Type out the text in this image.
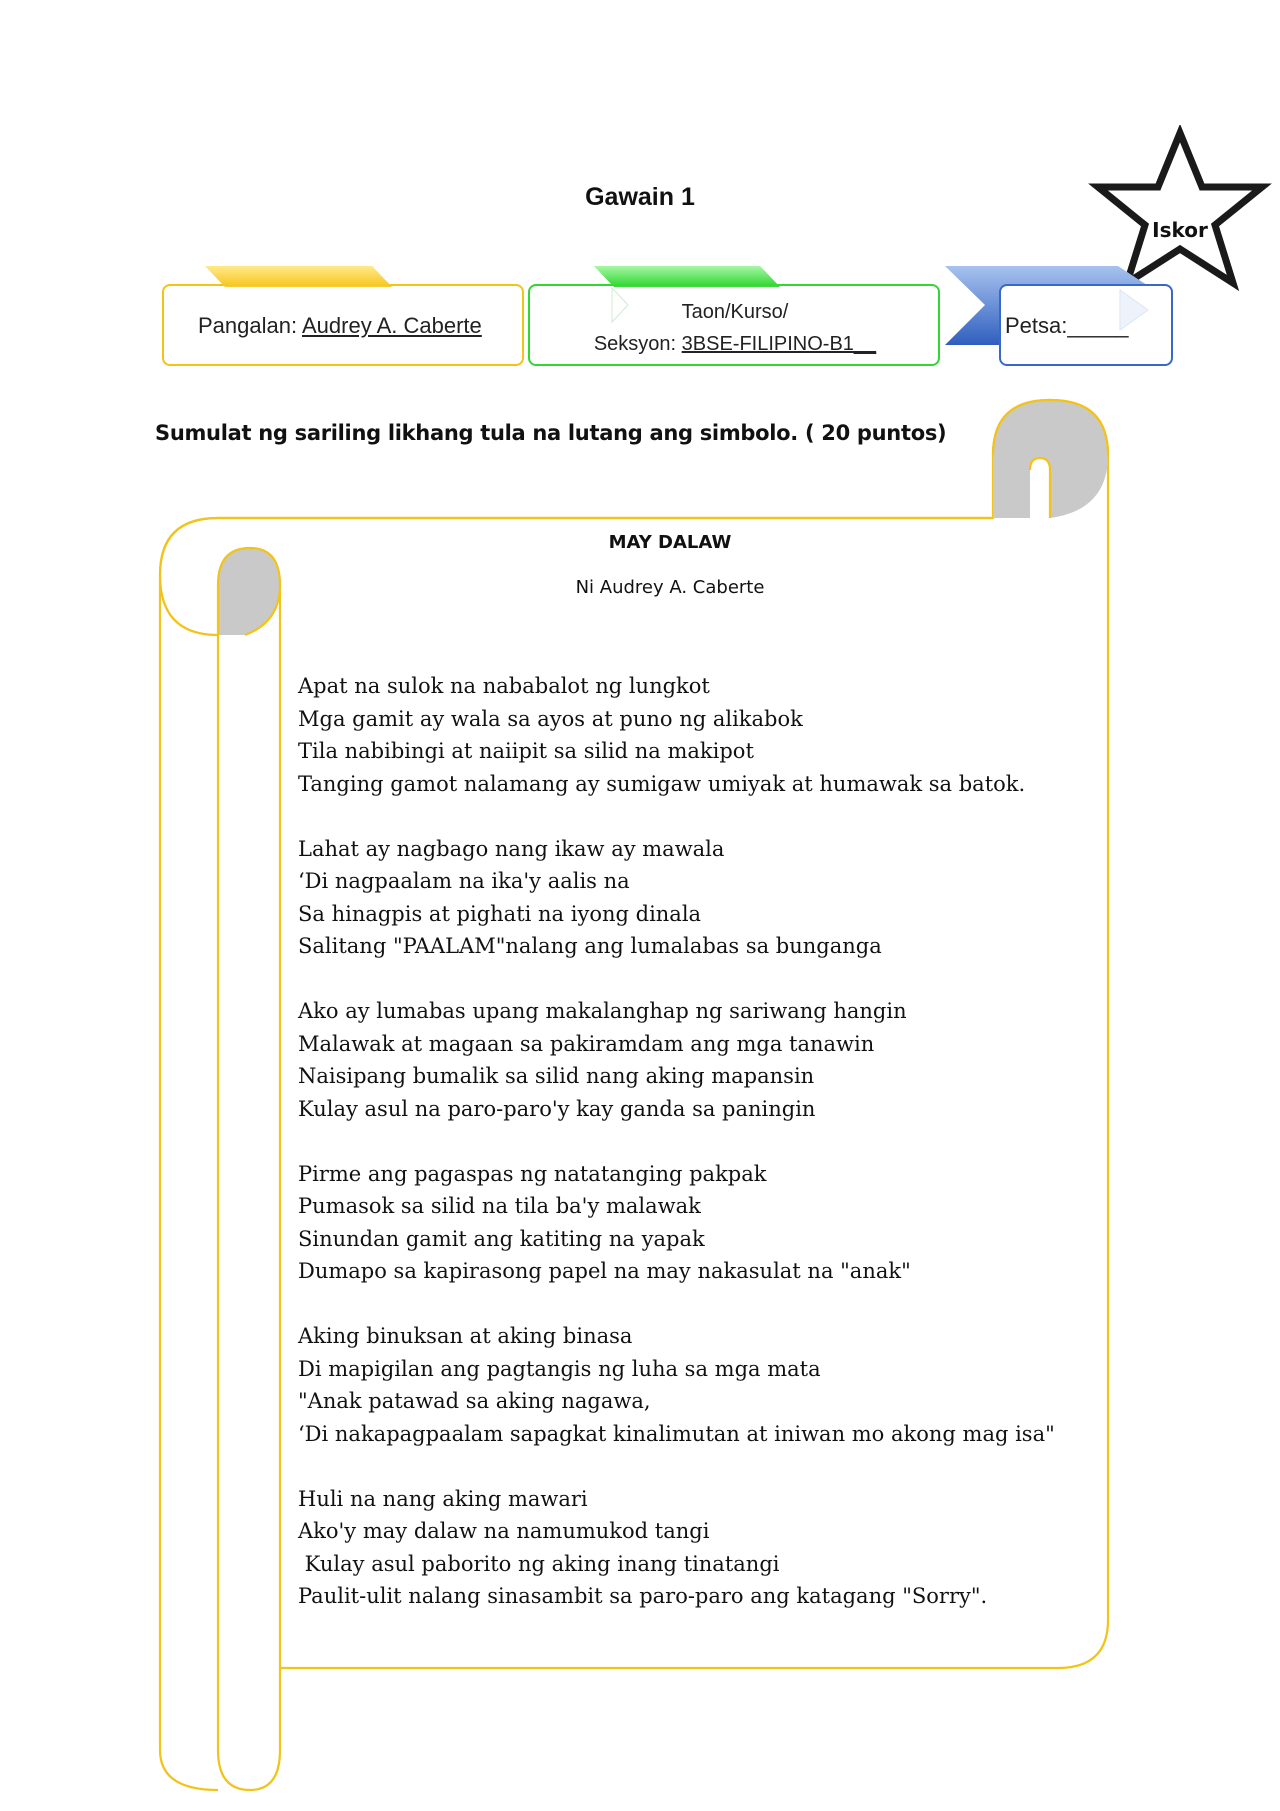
Gawain 1
Iskor
Pangalan: Audrey A. Caberte
Taon/Kurso/
Seksyon: 3BSE-FILIPINO-B1__
Petsa:_____
Sumulat ng sariling likhang tula na lutang ang simbolo. ( 20 puntos)
MAY DALAW
Ni Audrey A. Caberte
Apat na sulok na nababalot ng lungkot
Mga gamit ay wala sa ayos at puno ng alikabok
Tila nabibingi at naiipit sa silid na makipot
Tanging gamot nalamang ay sumigaw umiyak at humawak sa batok.
Lahat ay nagbago nang ikaw ay mawala
‘Di nagpaalam na ika'y aalis na
Sa hinagpis at pighati na iyong dinala
Salitang "PAALAM"nalang ang lumalabas sa bunganga
Ako ay lumabas upang makalanghap ng sariwang hangin
Malawak at magaan sa pakiramdam ang mga tanawin
Naisipang bumalik sa silid nang aking mapansin
Kulay asul na paro-paro'y kay ganda sa paningin
Pirme ang pagaspas ng natatanging pakpak
Pumasok sa silid na tila ba'y malawak
Sinundan gamit ang katiting na yapak
Dumapo sa kapirasong papel na may nakasulat na "anak"
Aking binuksan at aking binasa
Di mapigilan ang pagtangis ng luha sa mga mata
"Anak patawad sa aking nagawa,
‘Di nakapagpaalam sapagkat kinalimutan at iniwan mo akong mag isa"
Huli na nang aking mawari
Ako'y may dalaw na namumukod tangi
Kulay asul paborito ng aking inang tinatangi
Paulit-ulit nalang sinasambit sa paro-paro ang katagang "Sorry".
